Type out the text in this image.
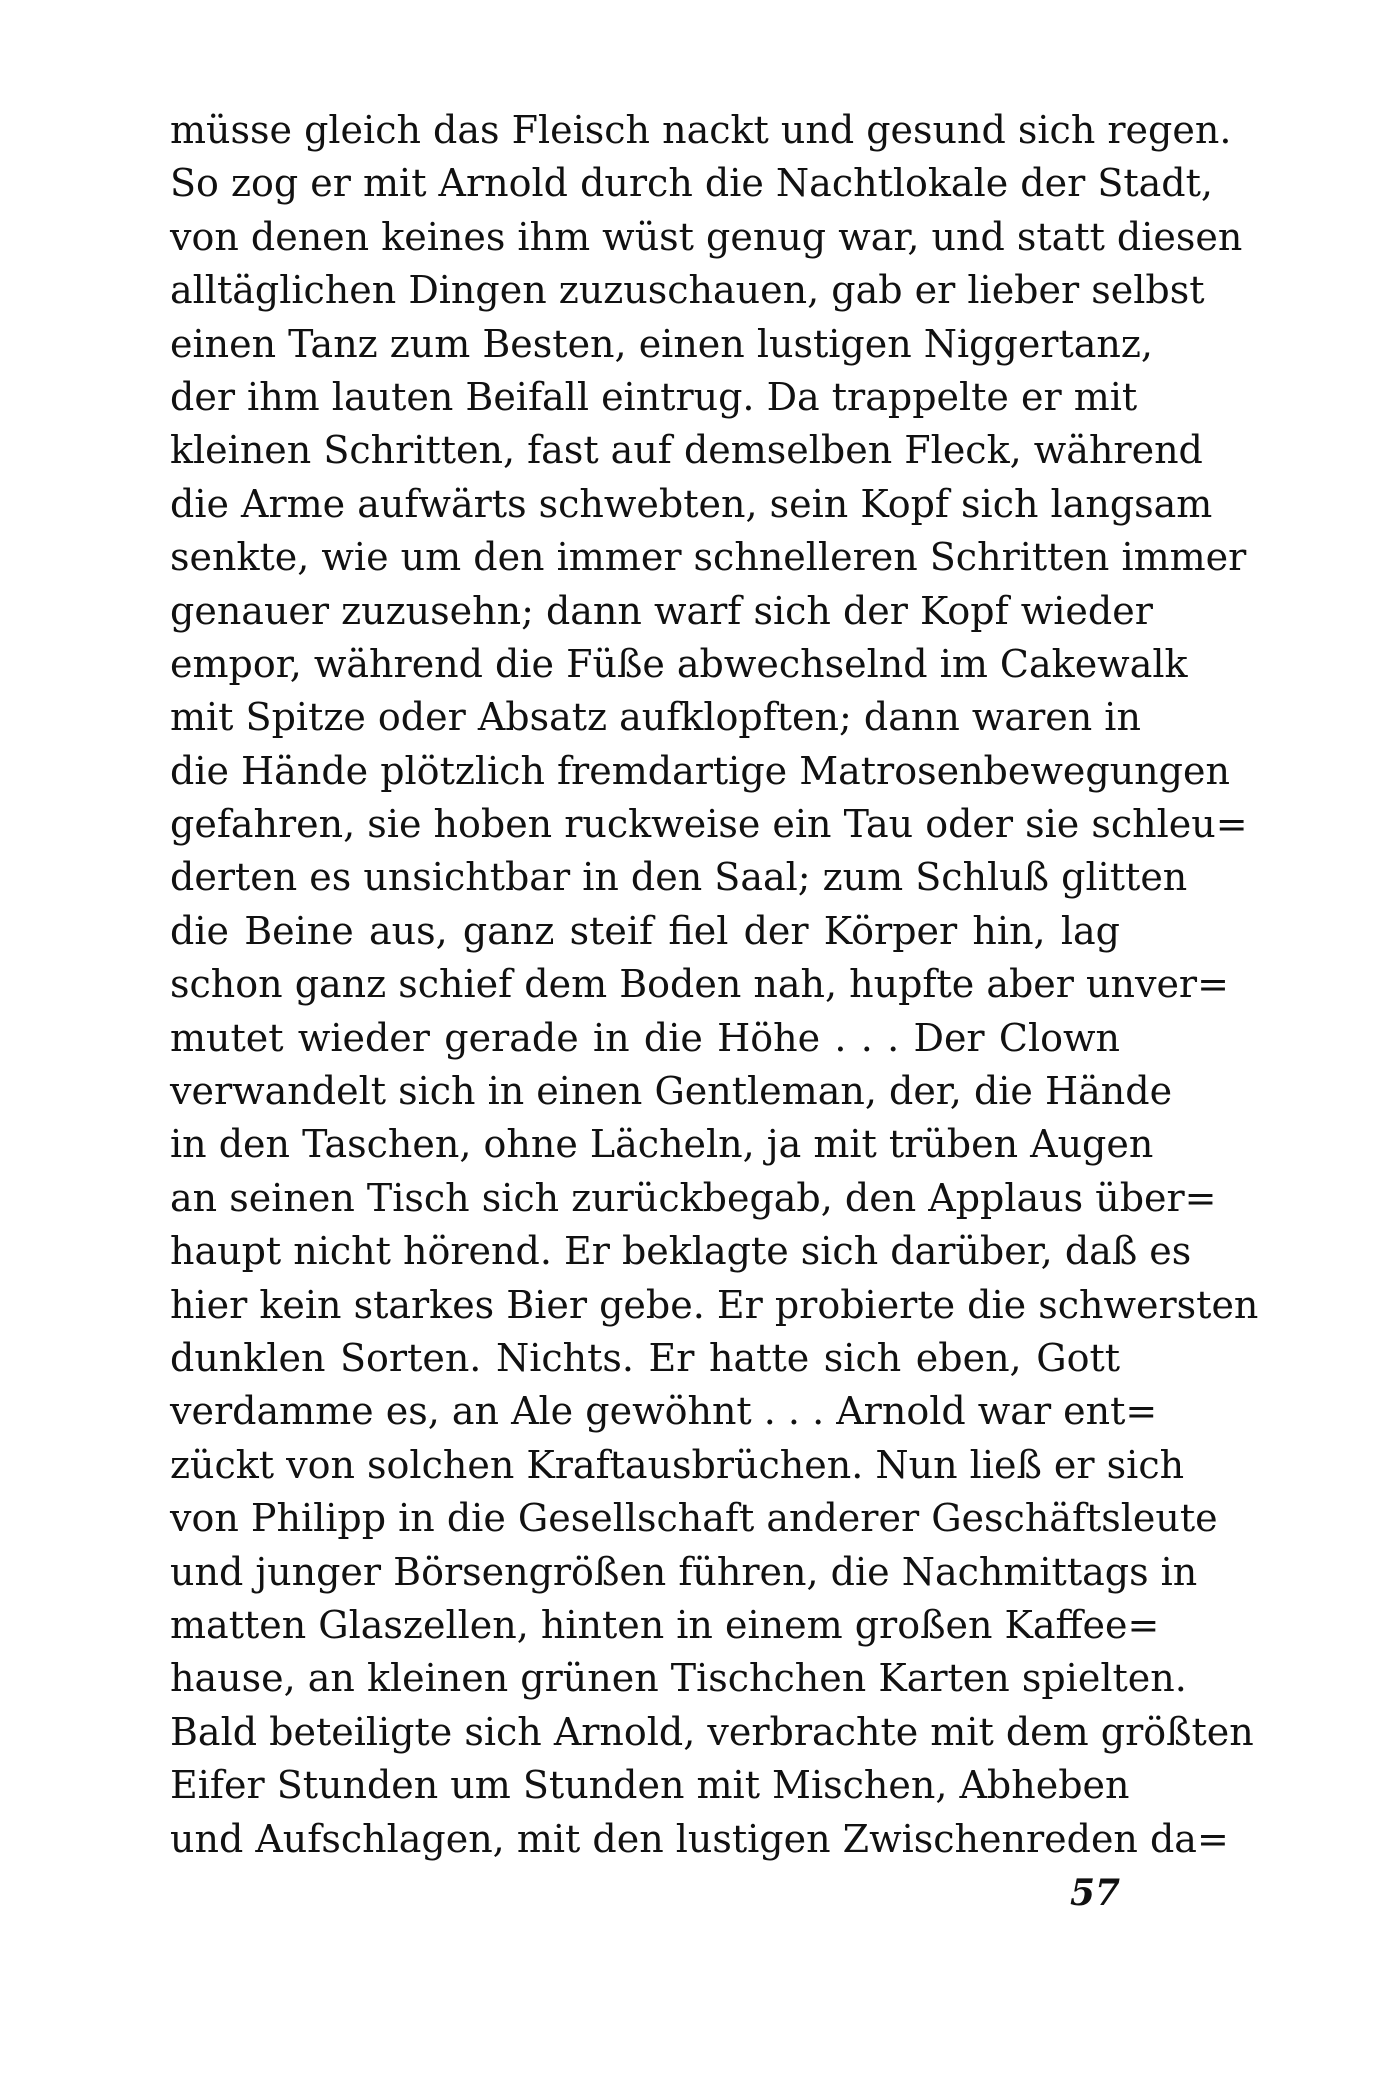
müsse gleich das Fleisch nackt und gesund sich regen.
So zog er mit Arnold durch die Nachtlokale der Stadt,
von denen keines ihm wüst genug war, und statt diesen
alltäglichen Dingen zuzuschauen, gab er lieber selbst
einen Tanz zum Besten, einen lustigen Niggertanz,
der ihm lauten Beifall eintrug. Da trappelte er mit
kleinen Schritten, fast auf demselben Fleck, während
die Arme aufwärts schwebten, sein Kopf sich langsam
senkte, wie um den immer schnelleren Schritten immer
genauer zuzusehn; dann warf sich der Kopf wieder
empor, während die Füße abwechselnd im Cakewalk
mit Spitze oder Absatz aufklopften; dann waren in
die Hände plötzlich fremdartige Matrosenbewegungen
gefahren, sie hoben ruckweise ein Tau oder sie schleu=
derten es unsichtbar in den Saal; zum Schluß glitten
die Beine aus, ganz steif fiel der Körper hin, lag
schon ganz schief dem Boden nah, hupfte aber unver=
mutet wieder gerade in die Höhe . . . Der Clown
verwandelt sich in einen Gentleman, der, die Hände
in den Taschen, ohne Lächeln, ja mit trüben Augen
an seinen Tisch sich zurückbegab, den Applaus über=
haupt nicht hörend. Er beklagte sich darüber, daß es
hier kein starkes Bier gebe. Er probierte die schwersten
dunklen Sorten. Nichts. Er hatte sich eben, Gott
verdamme es, an Ale gewöhnt . . . Arnold war ent=
zückt von solchen Kraftausbrüchen. Nun ließ er sich
von Philipp in die Gesellschaft anderer Geschäftsleute
und junger Börsengrößen führen, die Nachmittags in
matten Glaszellen, hinten in einem großen Kaffee=
hause, an kleinen grünen Tischchen Karten spielten.
Bald beteiligte sich Arnold, verbrachte mit dem größten
Eifer Stunden um Stunden mit Mischen, Abheben
und Aufschlagen, mit den lustigen Zwischenreden da=
57
